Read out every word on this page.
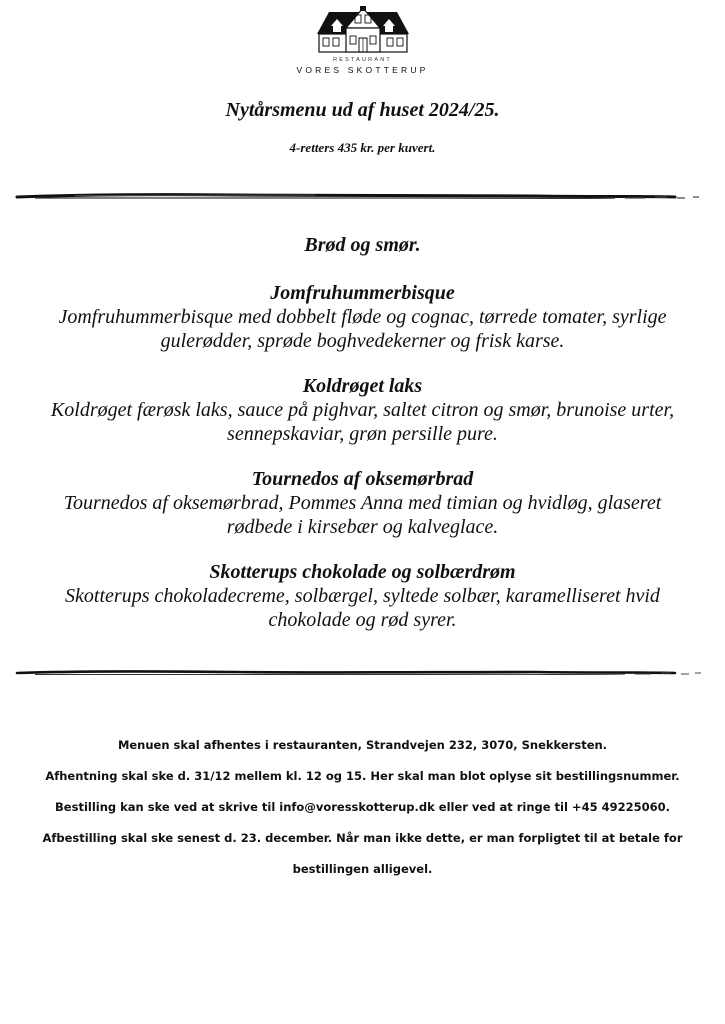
RESTAURANT
VORES SKOTTERUP
Nytårsmenu ud af huset 2024/25.

4-retters 435 kr. per kuvert.

Brød og smør.

Jomfruhummerbisque

Jomfruhummerbisque med dobbelt fløde og cognac, tørrede tomater, syrlige
gulerødder, sprøde boghvedekerner og frisk karse.

Koldrøget laks

Koldrøget færøsk laks, sauce på pighvar, saltet citron og smør, brunoise urter,
sennepskaviar, grøn persille pure.

Tournedos af oksemørbrad

Tournedos af oksemørbrad, Pommes Anna med timian og hvidløg, glaseret
rødbede i kirsebær og kalveglace.

Skotterups chokolade og solbærdrøm

Skotterups chokoladecreme, solbærgel, syltede solbær, karamelliseret hvid
chokolade og rød syrer.

Menuen skal afhentes i restauranten, Strandvejen 232, 3070, Snekkersten.

Afhentning skal ske d. 31/12 mellem kl. 12 og 15. Her skal man blot oplyse sit bestillingsnummer.

Bestilling kan ske ved at skrive til info@voresskotterup.dk eller ved at ringe til +45 49225060.

Afbestilling skal ske senest d. 23. december. Når man ikke dette, er man forpligtet til at betale for

bestillingen alligevel.
